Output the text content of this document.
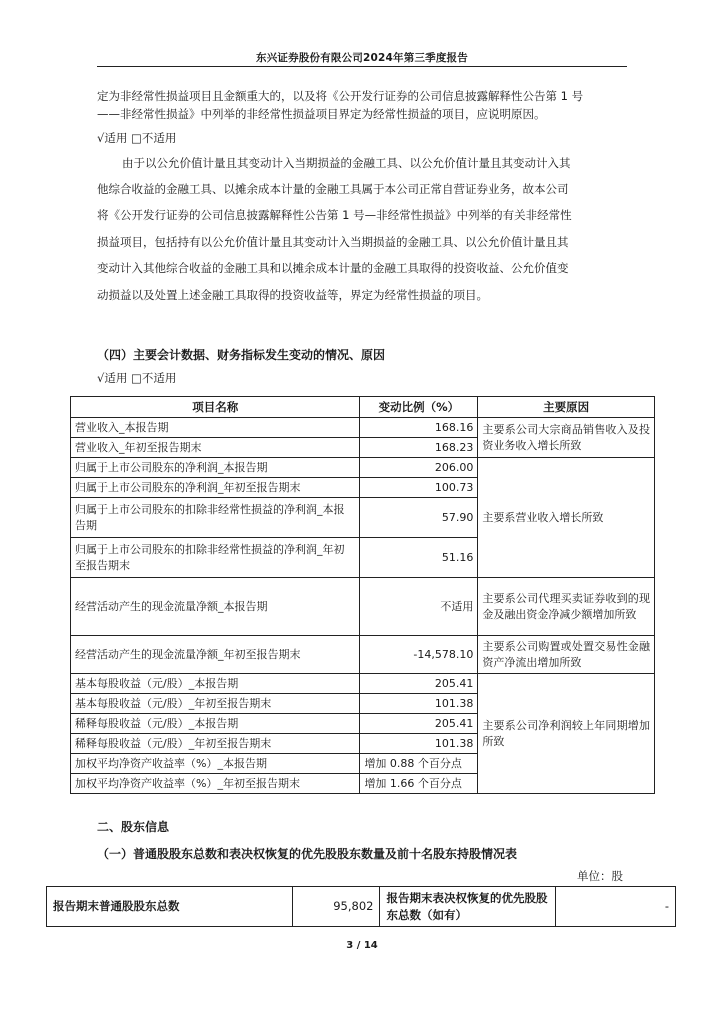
东兴证券股份有限公司2024年第三季度报告
定为非经常性损益项目且金额重大的，以及将《公开发行证券的公司信息披露解释性公告第 1 号
——非经常性损益》中列举的非经常性损益项目界定为经常性损益的项目，应说明原因。
√适用 □不适用
由于以公允价值计量且其变动计入当期损益的金融工具、以公允价值计量且其变动计入其
他综合收益的金融工具、以摊余成本计量的金融工具属于本公司正常自营证券业务，故本公司
将《公开发行证券的公司信息披露解释性公告第 1 号—非经常性损益》中列举的有关非经常性
损益项目，包括持有以公允价值计量且其变动计入当期损益的金融工具、以公允价值计量且其
变动计入其他综合收益的金融工具和以摊余成本计量的金融工具取得的投资收益、公允价值变
动损益以及处置上述金融工具取得的投资收益等，界定为经常性损益的项目。
（四）主要会计数据、财务指标发生变动的情况、原因
√适用 □不适用
项目名称	变动比例（%）	主要原因
营业收入_本报告期	168.16	主要系公司大宗商品销售收入及投资业务收入增长所致
营业收入_年初至报告期末	168.23	
归属于上市公司股东的净利润_本报告期	206.00	主要系营业收入增长所致
归属于上市公司股东的净利润_年初至报告期末	100.73	
归属于上市公司股东的扣除非经常性损益的净利润_本报告期	57.90	
归属于上市公司股东的扣除非经常性损益的净利润_年初至报告期末	51.16	
经营活动产生的现金流量净额_本报告期	不适用	主要系公司代理买卖证券收到的现金及融出资金净减少额增加所致
经营活动产生的现金流量净额_年初至报告期末	-14,578.10	主要系公司购置或处置交易性金融资产净流出增加所致
基本每股收益（元/股）_本报告期	205.41	主要系公司净利润较上年同期增加所致
基本每股收益（元/股）_年初至报告期末	101.38	
稀释每股收益（元/股）_本报告期	205.41	
稀释每股收益（元/股）_年初至报告期末	101.38	
加权平均净资产收益率（%）_本报告期	增加 0.88 个百分点	
加权平均净资产收益率（%）_年初至报告期末	增加 1.66 个百分点	
二、股东信息
（一）普通股股东总数和表决权恢复的优先股股东数量及前十名股东持股情况表
单位：股
报告期末普通股股东总数	95,802	报告期末表决权恢复的优先股股东总数（如有）	-
3 / 14
